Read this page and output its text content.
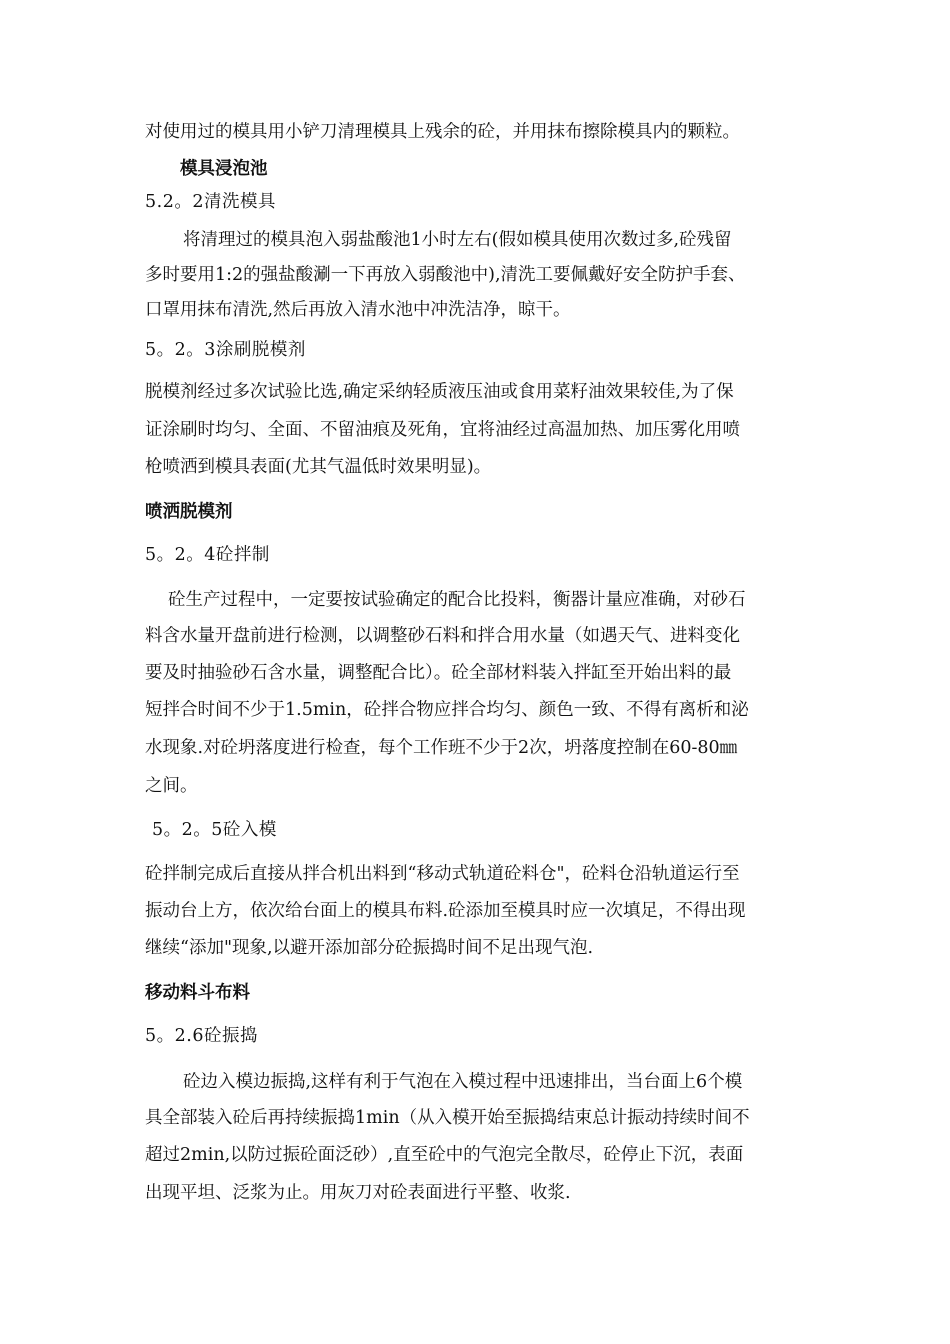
对使用过的模具用小铲刀清理模具上残余的砼，并用抹布擦除模具内的颗粒。
模具浸泡池
5.2。2清洗模具
将清理过的模具泡入弱盐酸池1小时左右(假如模具使用次数过多,砼残留
多时要用1:2的强盐酸涮一下再放入弱酸池中),清洗工要佩戴好安全防护手套、
口罩用抹布清洗,然后再放入清水池中冲洗洁净，晾干。
5。2。3涂刷脱模剂
脱模剂经过多次试验比选,确定采纳轻质液压油或食用菜籽油效果较佳,为了保
证涂刷时均匀、全面、不留油痕及死角，宜将油经过高温加热、加压雾化用喷
枪喷洒到模具表面(尤其气温低时效果明显)。
喷洒脱模剂
5。2。4砼拌制
砼生产过程中，一定要按试验确定的配合比投料，衡器计量应准确，对砂石
料含水量开盘前进行检测，以调整砂石料和拌合用水量（如遇天气、进料变化
要及时抽验砂石含水量，调整配合比）。砼全部材料装入拌缸至开始出料的最
短拌合时间不少于1.5min，砼拌合物应拌合均匀、颜色一致、不得有离析和泌
水现象.对砼坍落度进行检查，每个工作班不少于2次，坍落度控制在60-80㎜
之间。
5。2。5砼入模
砼拌制完成后直接从拌合机出料到“移动式轨道砼料仓"，砼料仓沿轨道运行至
振动台上方，依次给台面上的模具布料.砼添加至模具时应一次填足，不得出现
继续“添加"现象,以避开添加部分砼振捣时间不足出现气泡.
移动料斗布料
5。2.6砼振捣
砼边入模边振捣,这样有利于气泡在入模过程中迅速排出，当台面上6个模
具全部装入砼后再持续振捣1min（从入模开始至振捣结束总计振动持续时间不
超过2min,以防过振砼面泛砂）,直至砼中的气泡完全散尽，砼停止下沉，表面
出现平坦、泛浆为止。用灰刀对砼表面进行平整、收浆.
